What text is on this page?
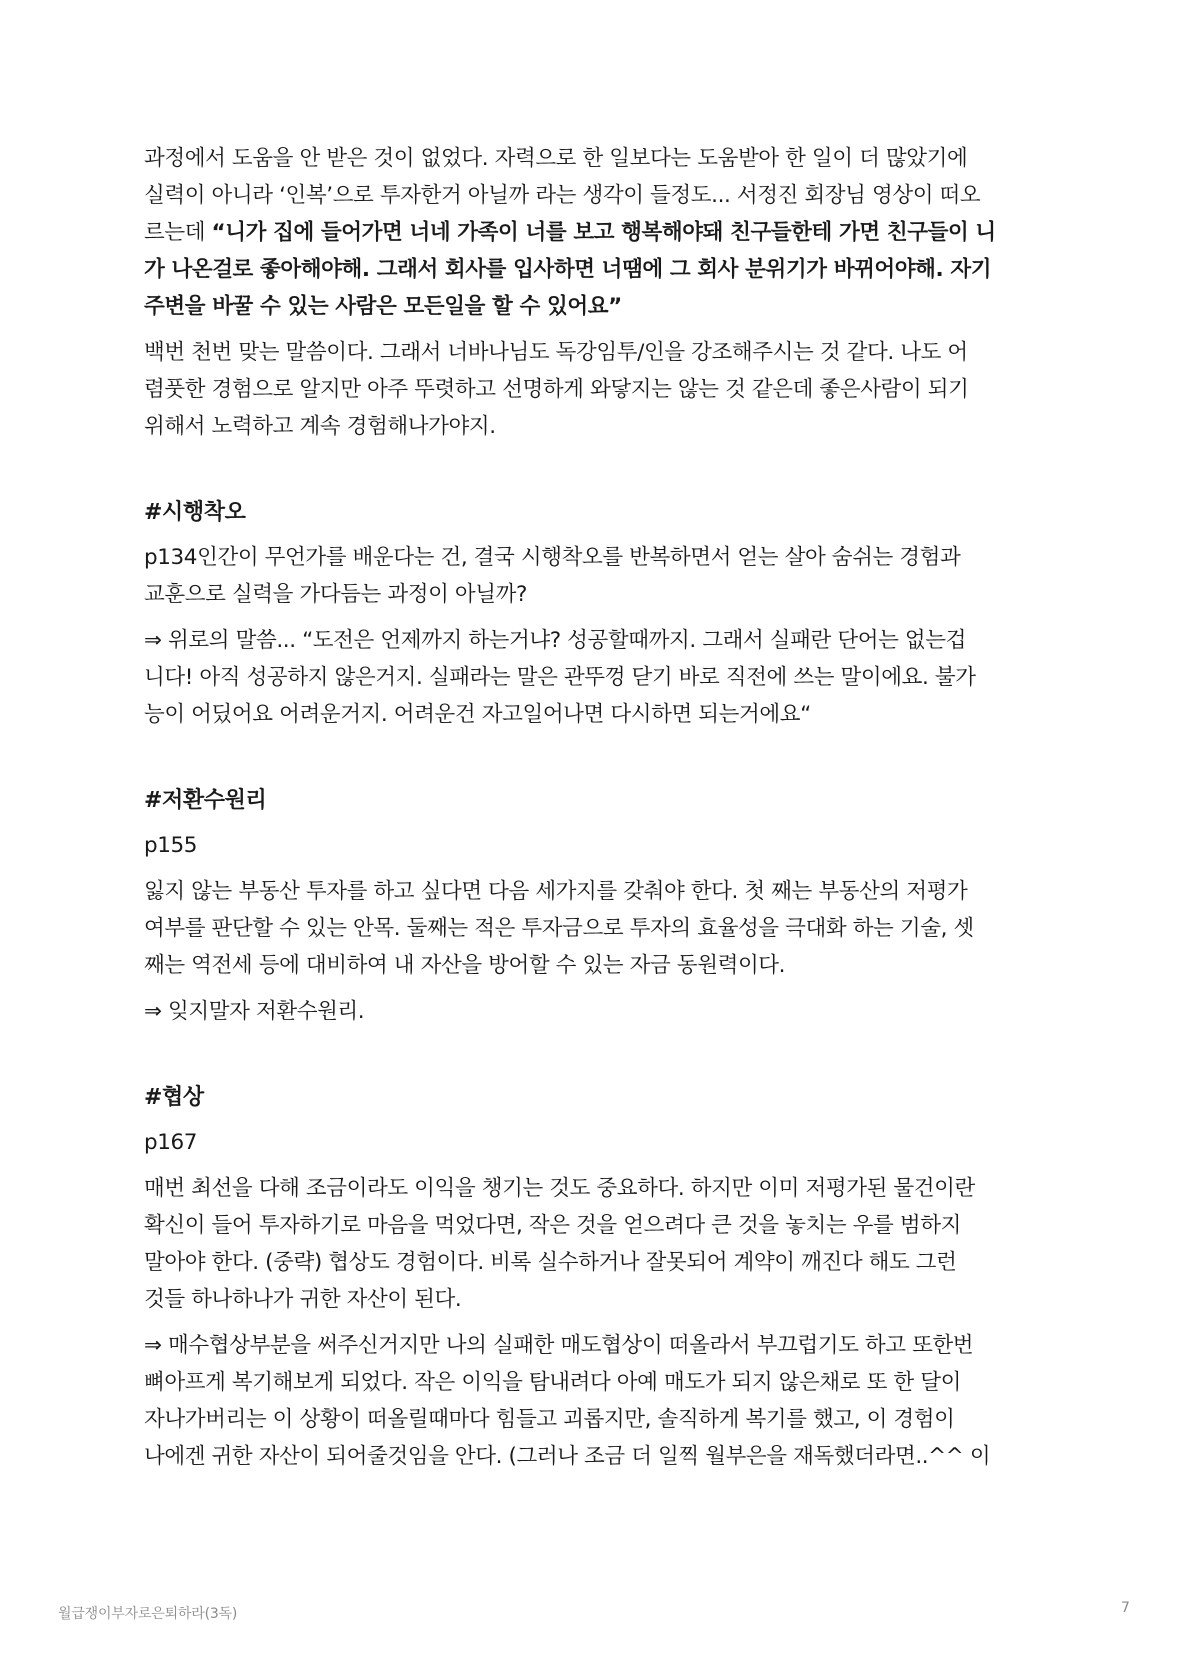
과정에서 도움을 안 받은 것이 없었다. 자력으로 한 일보다는 도움받아 한 일이 더 많았기에
실력이 아니라 ‘인복’으로 투자한거 아닐까 라는 생각이 들정도... 서정진 회장님 영상이 떠오
르는데 “니가 집에 들어가면 너네 가족이 너를 보고 행복해야돼 친구들한테 가면 친구들이 니
가 나온걸로 좋아해야해. 그래서 회사를 입사하면 너땜에 그 회사 분위기가 바뀌어야해. 자기
주변을 바꿀 수 있는 사람은 모든일을 할 수 있어요”

백번 천번 맞는 말씀이다. 그래서 너바나님도 독강임투/인을 강조해주시는 것 같다. 나도 어
렴풋한 경험으로 알지만 아주 뚜렷하고 선명하게 와닿지는 않는 것 같은데 좋은사람이 되기
위해서 노력하고 계속 경험해나가야지.

#시행착오

p134인간이 무언가를 배운다는 건, 결국 시행착오를 반복하면서 얻는 살아 숨쉬는 경험과
교훈으로 실력을 가다듬는 과정이 아닐까?

⇒ 위로의 말씀... “도전은 언제까지 하는거냐? 성공할때까지. 그래서 실패란 단어는 없는겁
니다! 아직 성공하지 않은거지. 실패라는 말은 관뚜껑 닫기 바로 직전에 쓰는 말이에요. 불가
능이 어딨어요 어려운거지. 어려운건 자고일어나면 다시하면 되는거에요“

#저환수원리

p155

잃지 않는 부동산 투자를 하고 싶다면 다음 세가지를 갖춰야 한다. 첫 째는 부동산의 저평가
여부를 판단할 수 있는 안목. 둘째는 적은 투자금으로 투자의 효율성을 극대화 하는 기술, 셋
째는 역전세 등에 대비하여 내 자산을 방어할 수 있는 자금 동원력이다.

⇒ 잊지말자 저환수원리.

#협상

p167

매번 최선을 다해 조금이라도 이익을 챙기는 것도 중요하다. 하지만 이미 저평가된 물건이란
확신이 들어 투자하기로 마음을 먹었다면, 작은 것을 얻으려다 큰 것을 놓치는 우를 범하지
말아야 한다. (중략) 협상도 경험이다. 비록 실수하거나 잘못되어 계약이 깨진다 해도 그런
것들 하나하나가 귀한 자산이 된다.

⇒ 매수협상부분을 써주신거지만 나의 실패한 매도협상이 떠올라서 부끄럽기도 하고 또한번
뼈아프게 복기해보게 되었다. 작은 이익을 탐내려다 아예 매도가 되지 않은채로 또 한 달이
자나가버리는 이 상황이 떠올릴때마다 힘들고 괴롭지만, 솔직하게 복기를 했고, 이 경험이
나에겐 귀한 자산이 되어줄것임을 안다. (그러나 조금 더 일찍 월부은을 재독했더라면..^^ 이

월급쟁이부자로은퇴하라(3독)	7
